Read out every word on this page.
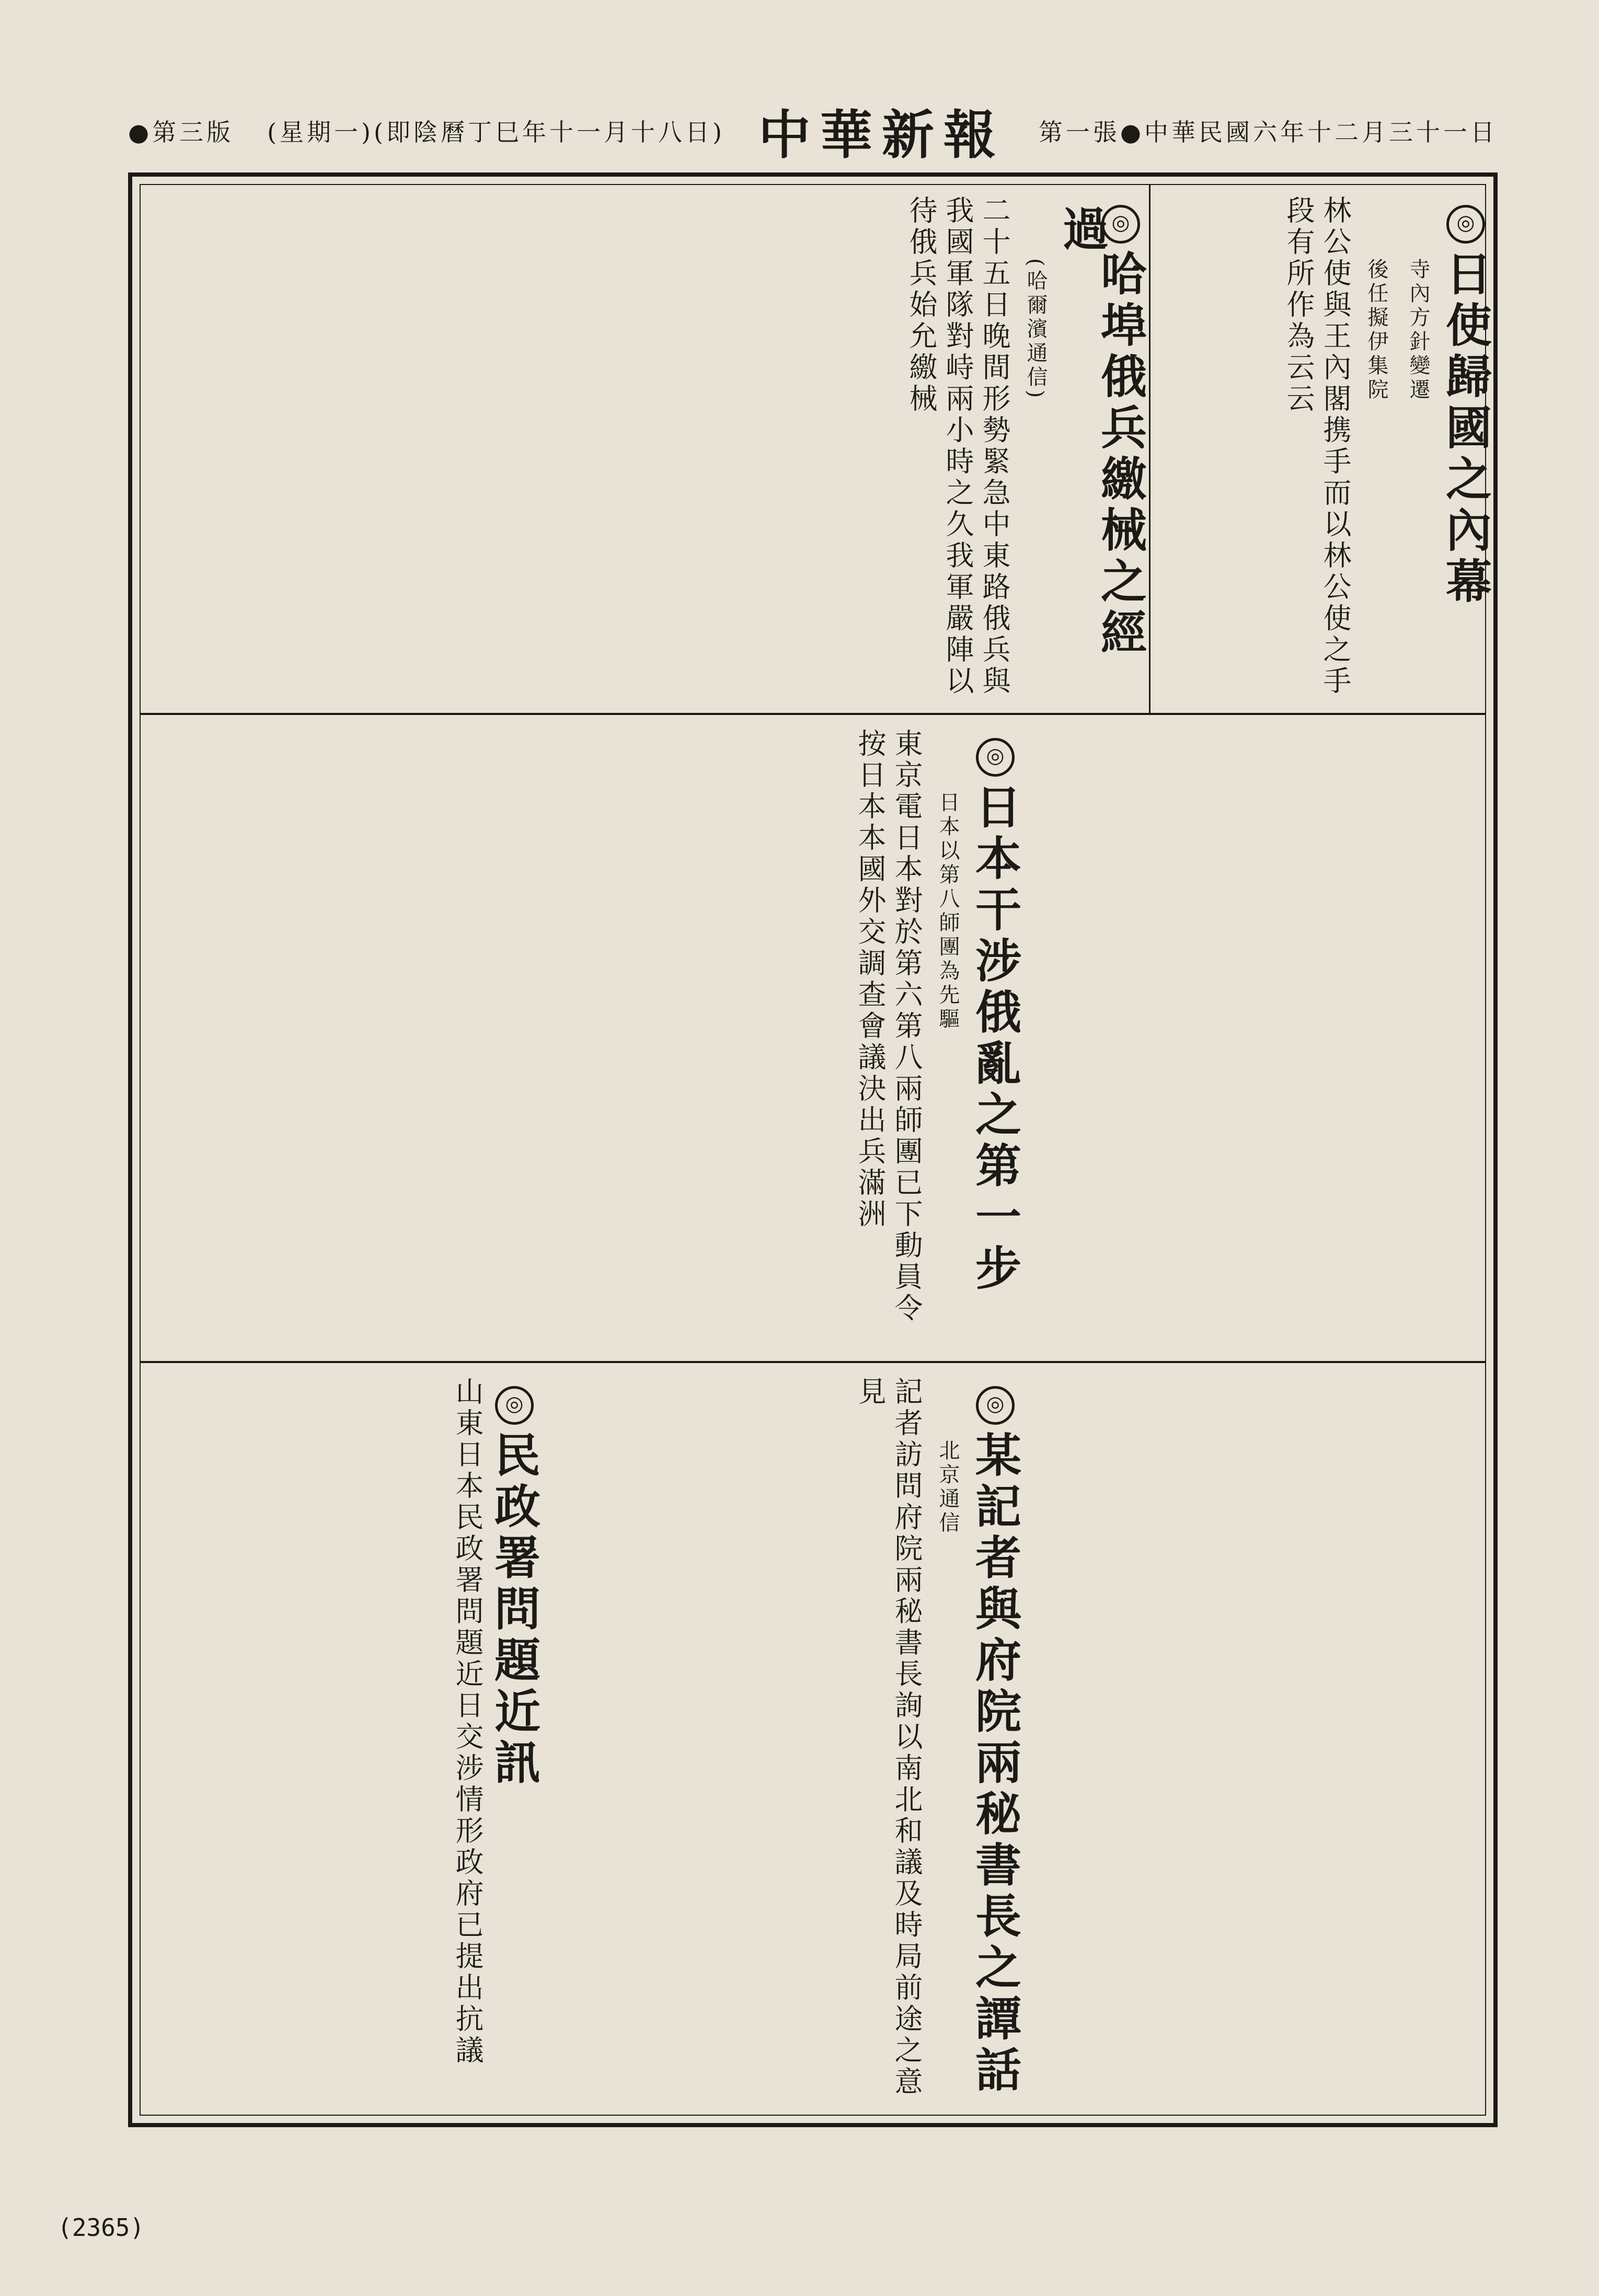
●第三版 (星期一)(即陰曆丁巳年十一月十八日) 中華新報 第一張●中華民國六年十二月三十一日
◎日使歸國之內幕
寺內方針變遷
後任擬伊集院
林公使與王內閣携手而以林公使之手段有所作為云云
◎哈埠俄兵繳械之經過
(哈爾濱通信)
二十五日晚間形勢緊急中東路俄兵與我國軍隊對峙兩小時之久我軍嚴陣以待俄兵始允繳械
◎日本干涉俄亂之第一步
日本以第八師團為先驅
東京電日本對於第六第八兩師團已下動員令按日本本國外交調查會議決出兵滿洲
◎某記者與府院兩秘書長之譚話
北京通信
記者訪問府院兩秘書長詢以南北和議及時局前途之意見
◎民政署問題近訊
山東日本民政署問題近日交涉情形政府已提出抗議
(2365)
